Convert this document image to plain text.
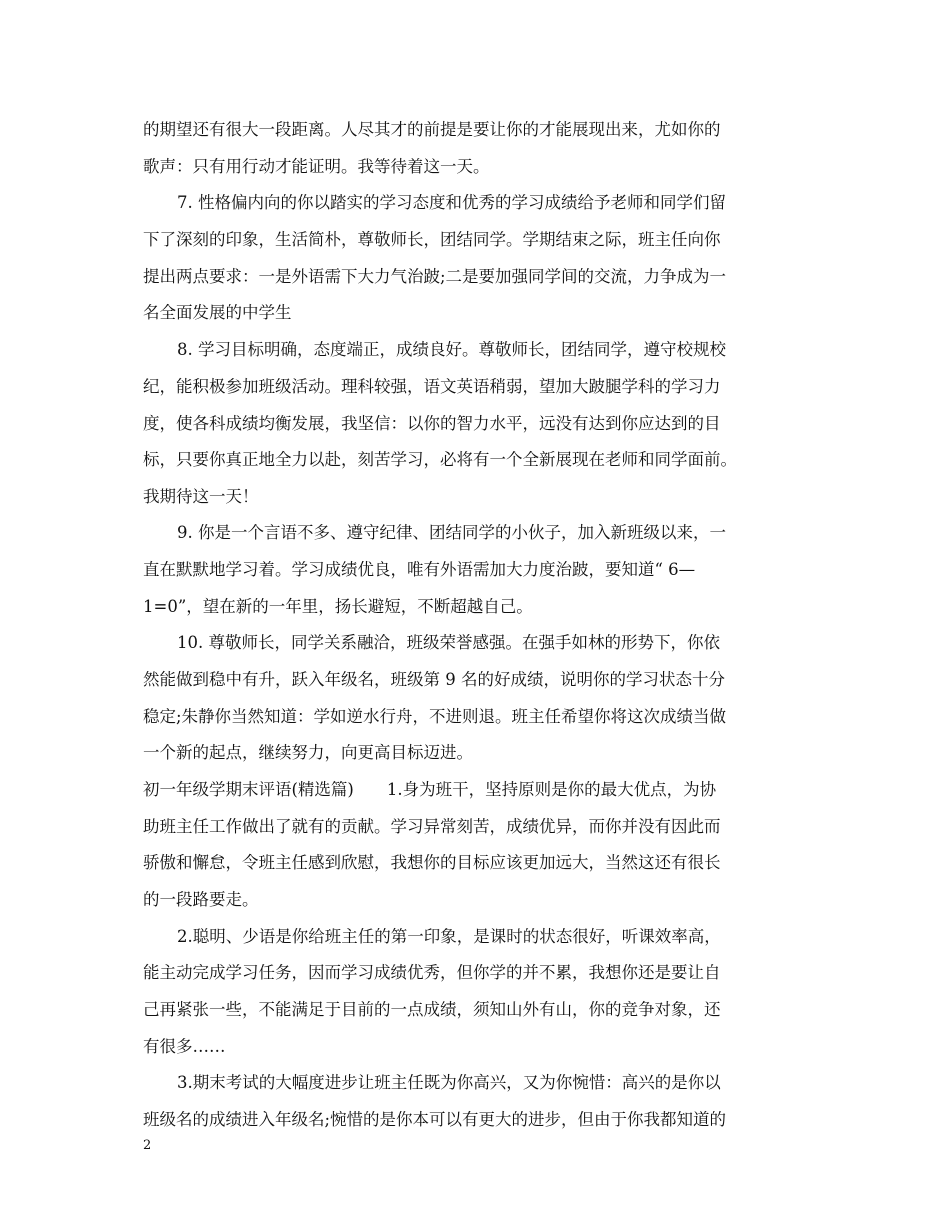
的期望还有很大一段距离。人尽其才的前提是要让你的才能展现出来，尤如你的
歌声：只有用行动才能证明。我等待着这一天。
7. 性格偏内向的你以踏实的学习态度和优秀的学习成绩给予老师和同学们留
下了深刻的印象，生活简朴，尊敬师长，团结同学。学期结束之际，班主任向你
提出两点要求：一是外语需下大力气治跛;二是要加强同学间的交流，力争成为一
名全面发展的中学生
8. 学习目标明确，态度端正，成绩良好。尊敬师长，团结同学，遵守校规校
纪，能积极参加班级活动。理科较强，语文英语稍弱，望加大跛腿学科的学习力
度，使各科成绩均衡发展，我坚信：以你的智力水平，远没有达到你应达到的目
标，只要你真正地全力以赴，刻苦学习，必将有一个全新展现在老师和同学面前。
我期待这一天！
9. 你是一个言语不多、遵守纪律、团结同学的小伙子，加入新班级以来，一
直在默默地学习着。学习成绩优良，唯有外语需加大力度治跛，要知道“ 6—
1=0”，望在新的一年里，扬长避短，不断超越自己。
10. 尊敬师长，同学关系融洽，班级荣誉感强。在强手如林的形势下，你依
然能做到稳中有升，跃入年级名，班级第 9 名的好成绩，说明你的学习状态十分
稳定;朱静你当然知道：学如逆水行舟，不进则退。班主任希望你将这次成绩当做
一个新的起点，继续努力，向更高目标迈进。
初一年级学期末评语(精选篇)　　1.身为班干，坚持原则是你的最大优点，为协
助班主任工作做出了就有的贡献。学习异常刻苦，成绩优异，而你并没有因此而
骄傲和懈怠，令班主任感到欣慰，我想你的目标应该更加远大，当然这还有很长
的一段路要走。
2.聪明、少语是你给班主任的第一印象，是课时的状态很好，听课效率高，
能主动完成学习任务，因而学习成绩优秀，但你学的并不累，我想你还是要让自
己再紧张一些，不能满足于目前的一点成绩，须知山外有山，你的竞争对象，还
有很多……
3.期末考试的大幅度进步让班主任既为你高兴，又为你惋惜：高兴的是你以
班级名的成绩进入年级名;惋惜的是你本可以有更大的进步，但由于你我都知道的
2
